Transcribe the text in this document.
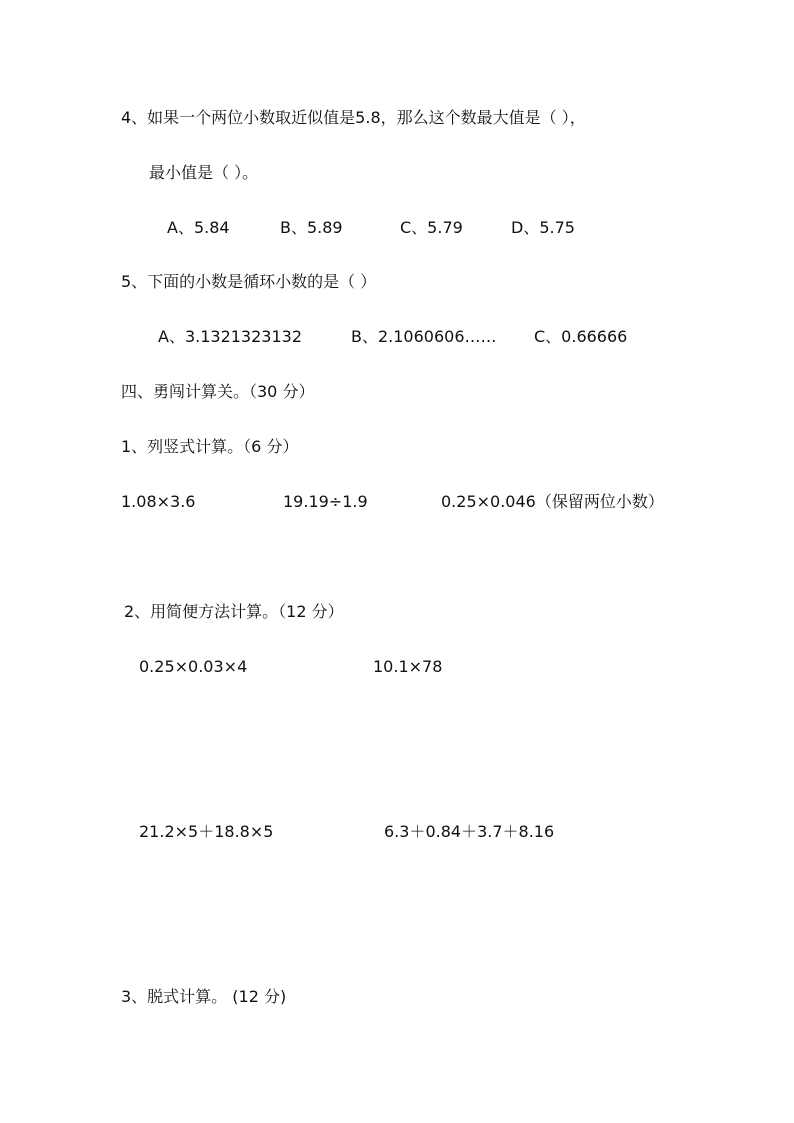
4、如果一个两位小数取近似值是5.8，那么这个数最大值是（ ），
最小值是（ ）。
A、5.84	B、5.89	C、5.79	D、5.75
5、下面的小数是循环小数的是（ ）
A、3.1321323132	B、2.1060606…… C、0.66666
四、勇闯计算关。（30 分）
1、列竖式计算。（6 分）
1.08×3.6	19.19÷1.9	0.25×0.046（保留两位小数）
2、用简便方法计算。（12 分）
0.25×0.03×4	10.1×78
21.2×5＋18.8×5	6.3＋0.84＋3.7＋8.16
3、脱式计算。 (12 分)
